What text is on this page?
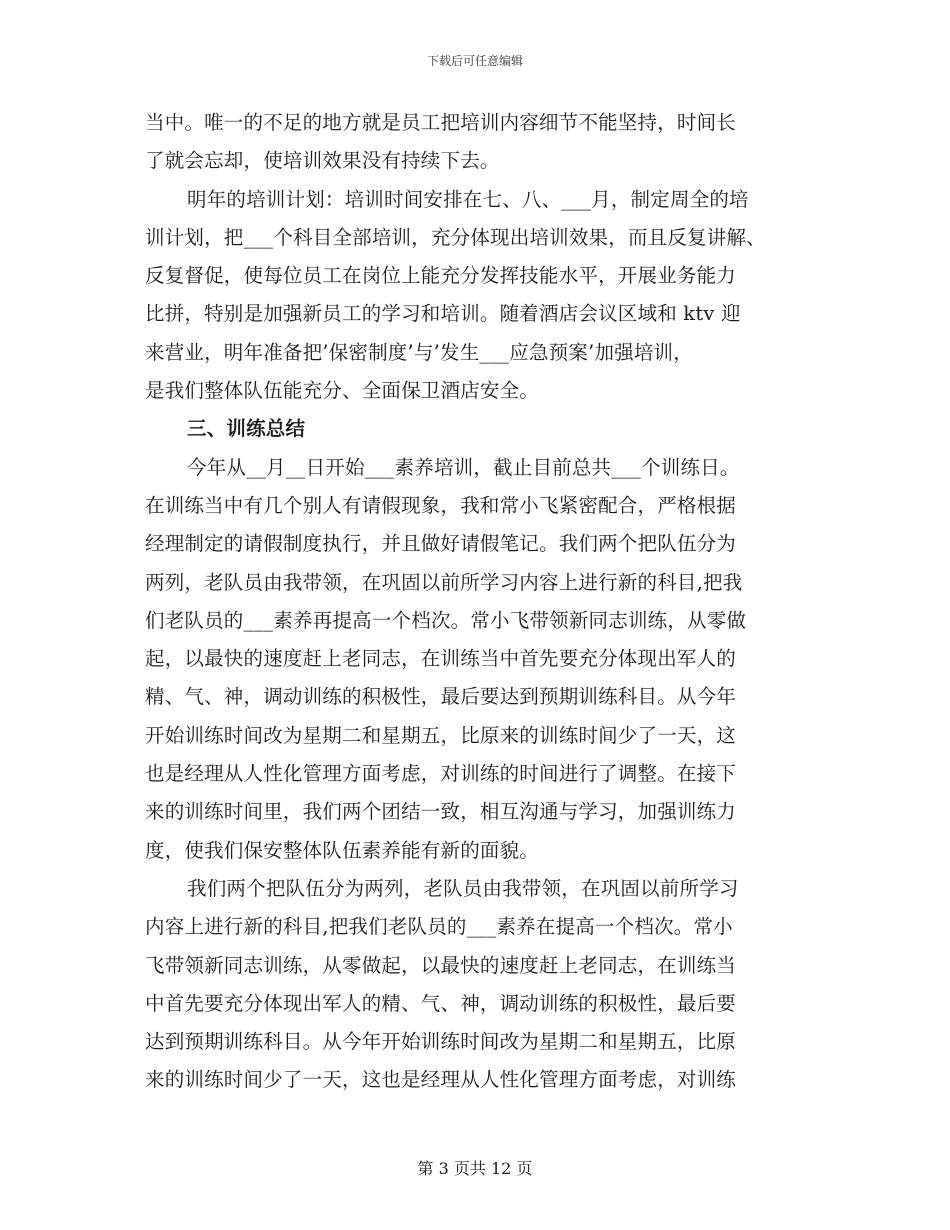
下载后可任意编辑
当中。唯一的不足的地方就是员工把培训内容细节不能坚持，时间长
了就会忘却，使培训效果没有持续下去。
明年的培训计划：培训时间安排在七、八、___月，制定周全的培
训计划，把___个科目全部培训，充分体现出培训效果，而且反复讲解、
反复督促，使每位员工在岗位上能充分发挥技能水平，开展业务能力
比拼，特别是加强新员工的学习和培训。随着酒店会议区域和 ktv 迎
来营业，明年准备把’保密制度’与’发生___应急预案’加强培训，
是我们整体队伍能充分、全面保卫酒店安全。
三、训练总结
今年从__月__日开始___素养培训，截止目前总共___个训练日。
在训练当中有几个别人有请假现象，我和常小飞紧密配合，严格根据
经理制定的请假制度执行，并且做好请假笔记。我们两个把队伍分为
两列，老队员由我带领，在巩固以前所学习内容上进行新的科目,把我
们老队员的___素养再提高一个档次。常小飞带领新同志训练，从零做
起，以最快的速度赶上老同志，在训练当中首先要充分体现出军人的
精、气、神，调动训练的积极性，最后要达到预期训练科目。从今年
开始训练时间改为星期二和星期五，比原来的训练时间少了一天，这
也是经理从人性化管理方面考虑，对训练的时间进行了调整。在接下
来的训练时间里，我们两个团结一致，相互沟通与学习，加强训练力
度，使我们保安整体队伍素养能有新的面貌。
我们两个把队伍分为两列，老队员由我带领，在巩固以前所学习
内容上进行新的科目,把我们老队员的___素养在提高一个档次。常小
飞带领新同志训练，从零做起，以最快的速度赶上老同志，在训练当
中首先要充分体现出军人的精、气、神，调动训练的积极性，最后要
达到预期训练科目。从今年开始训练时间改为星期二和星期五，比原
来的训练时间少了一天，这也是经理从人性化管理方面考虑，对训练
第 3 页共 12 页
